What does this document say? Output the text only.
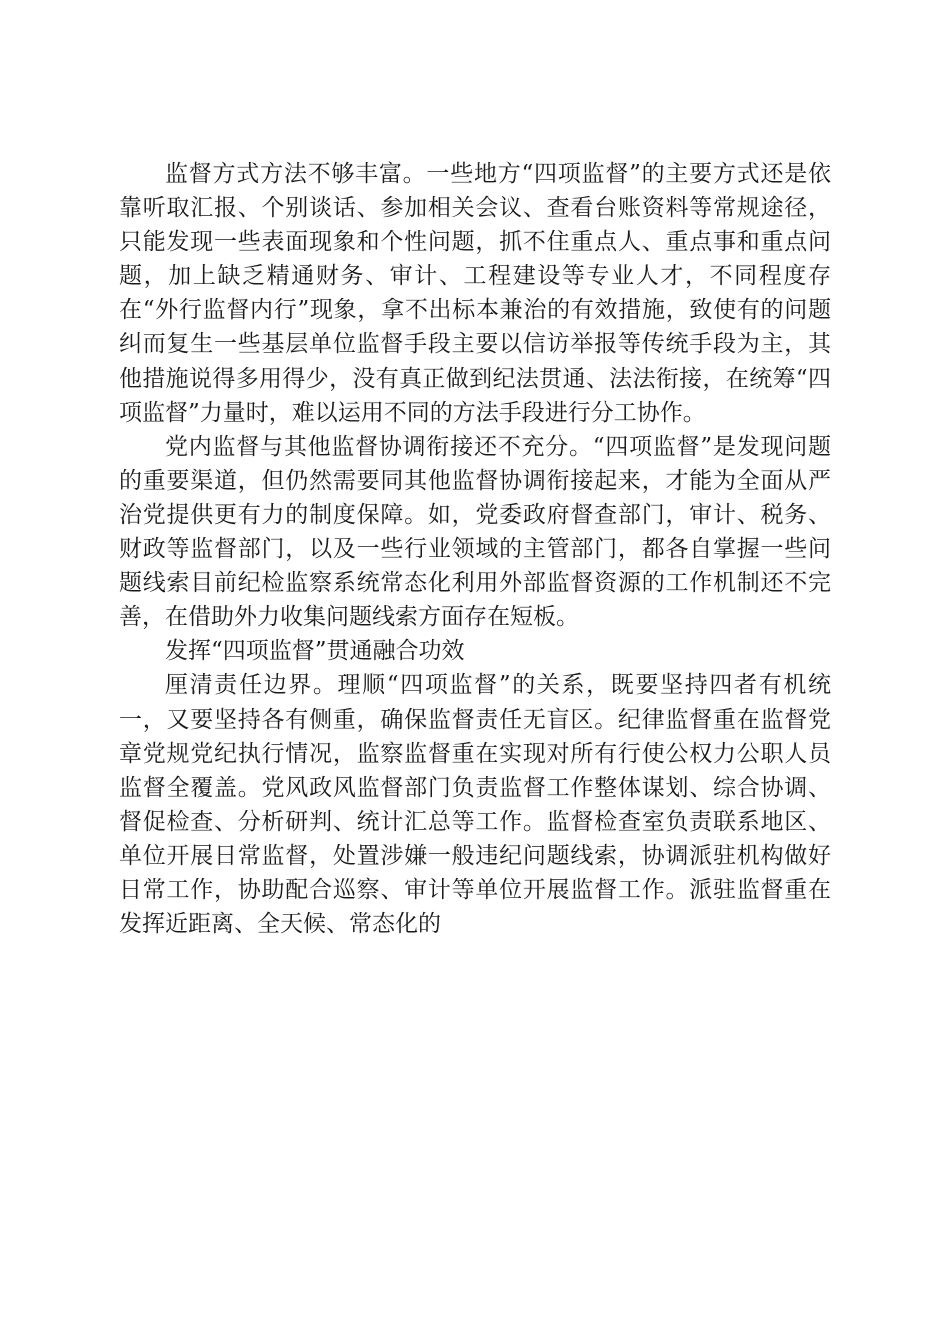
监督方式方法不够丰富。一些地方“四项监督”的主要方式还是依靠听取汇报、个别谈话、参加相关会议、查看台账资料等常规途径，只能发现一些表面现象和个性问题，抓不住重点人、重点事和重点问题，加上缺乏精通财务、审计、工程建设等专业人才，不同程度存在“外行监督内行”现象，拿不出标本兼治的有效措施，致使有的问题纠而复生一些基层单位监督手段主要以信访举报等传统手段为主，其他措施说得多用得少，没有真正做到纪法贯通、法法衔接，在统筹“四项监督”力量时，难以运用不同的方法手段进行分工协作。

党内监督与其他监督协调衔接还不充分。“四项监督”是发现问题的重要渠道，但仍然需要同其他监督协调衔接起来，才能为全面从严治党提供更有力的制度保障。如，党委政府督查部门，审计、税务、财政等监督部门，以及一些行业领域的主管部门，都各自掌握一些问题线索目前纪检监察系统常态化利用外部监督资源的工作机制还不完善，在借助外力收集问题线索方面存在短板。

发挥“四项监督”贯通融合功效

厘清责任边界。理顺“四项监督”的关系，既要坚持四者有机统一，又要坚持各有侧重，确保监督责任无盲区。纪律监督重在监督党章党规党纪执行情况，监察监督重在实现对所有行使公权力公职人员监督全覆盖。党风政风监督部门负责监督工作整体谋划、综合协调、督促检查、分析研判、统计汇总等工作。监督检查室负责联系地区、单位开展日常监督，处置涉嫌一般违纪问题线索，协调派驻机构做好日常工作，协助配合巡察、审计等单位开展监督工作。派驻监督重在发挥近距离、全天候、常态化的
